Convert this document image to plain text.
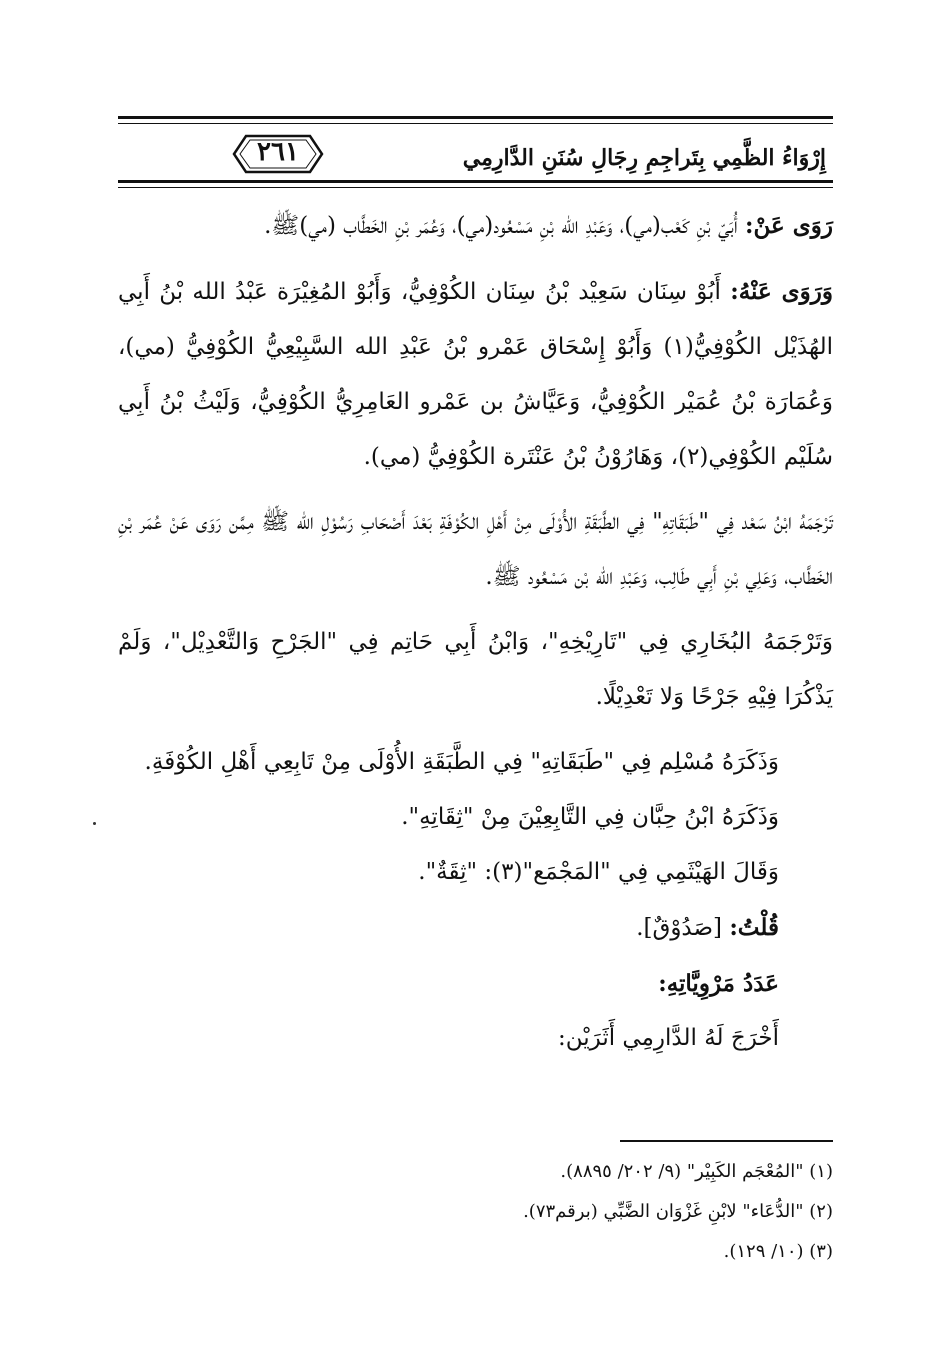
٢٦١	إِرْوَاءُ الظَّمِي بِتَراجِمِ رِجَالِ سُنَنِ الدَّارِمِي

رَوَى عَنْ: أُبَيّ بْنِ كَعْب(مي)، وَعَبْدِ الله بْنِ مَسْعُود(مي)، وَعُمَر بْنِ الخَطَّاب (مي)ﷺ.

وَرَوَى عَنْهُ: أَبُوْ سِنَان سَعِيْد بْنُ سِنَان الكُوْفِيُّ، وَأَبُوْ المُغِيْرَة عَبْدُ الله بْنُ أَبِي الهُذَيْل الكُوْفِيُّ(١) وَأَبُوْ إِسْحَاق عَمْرو بْنُ عَبْدِ الله السَّبِيْعِيُّ الكُوْفِيُّ (مي)، وَعُمَارَة بْنُ عُمَيْر الكُوْفِيُّ، وَعَيَّاشُ بن عَمْرو العَامِرِيُّ الكُوْفِيُّ، وَلَيْثُ بْنُ أَبِي سُلَيْم الكُوْفِي(٢)، وَهَارُوْنُ بْنُ عَنْتَرة الكُوْفِيُّ (مي).

تَرْجَمَهُ ابْنُ سَعْد فِي "طَبَقَاتِهِ" فِي الطَّبَقَةِ الأُوْلَى مِنْ أَهْلِ الكُوْفَةِ بَعْدَ أَصْحَابِ رَسُوْلِ الله ﷺ مِمَّن رَوَى عَنْ عُمَر بْنِ الخَطَّاب، وَعَلِي بْنِ أَبِي طَالِب، وَعَبْدِ الله بْن مَسْعُود ﷺ.

وَتَرْجَمَهُ البُخَارِي فِي "تَارِيْخِهِ"، وَابْنُ أَبِي حَاتِم فِي "الجَرْحِ وَالتَّعْدِيْل"، وَلَمْ يَذْكُرَا فِيْهِ جَرْحًا وَلا تَعْدِيْلًا.

وَذَكَرَهُ مُسْلِم فِي "طَبَقَاتِهِ" فِي الطَّبَقَةِ الأُوْلَى مِنْ تَابِعِي أَهْلِ الكُوْفَةِ.

وَذَكَرَهُ ابْنُ حِبَّان فِي التَّابِعِيْنَ مِنْ "ثِقَاتِهِ".

وَقَالَ الهَيْثَمِي فِي "المَجْمَع"(٣): "ثِقَةٌ".

قُلْتُ: [صَدُوْقٌ].

عَدَدُ مَرْوِيَّاتِهِ:

أَخْرَجَ لَهُ الدَّارِمِي أَثَرَيْن:

(١) "المُعْجَم الكَبِيْر" (٩/ ٢٠٢/ ٨٨٩٥).
(٢) "الدُّعَاء" لابْنِ غَزْوَان الضَّبِّي (برقم٧٣).
(٣) (١٠/ ١٢٩).
